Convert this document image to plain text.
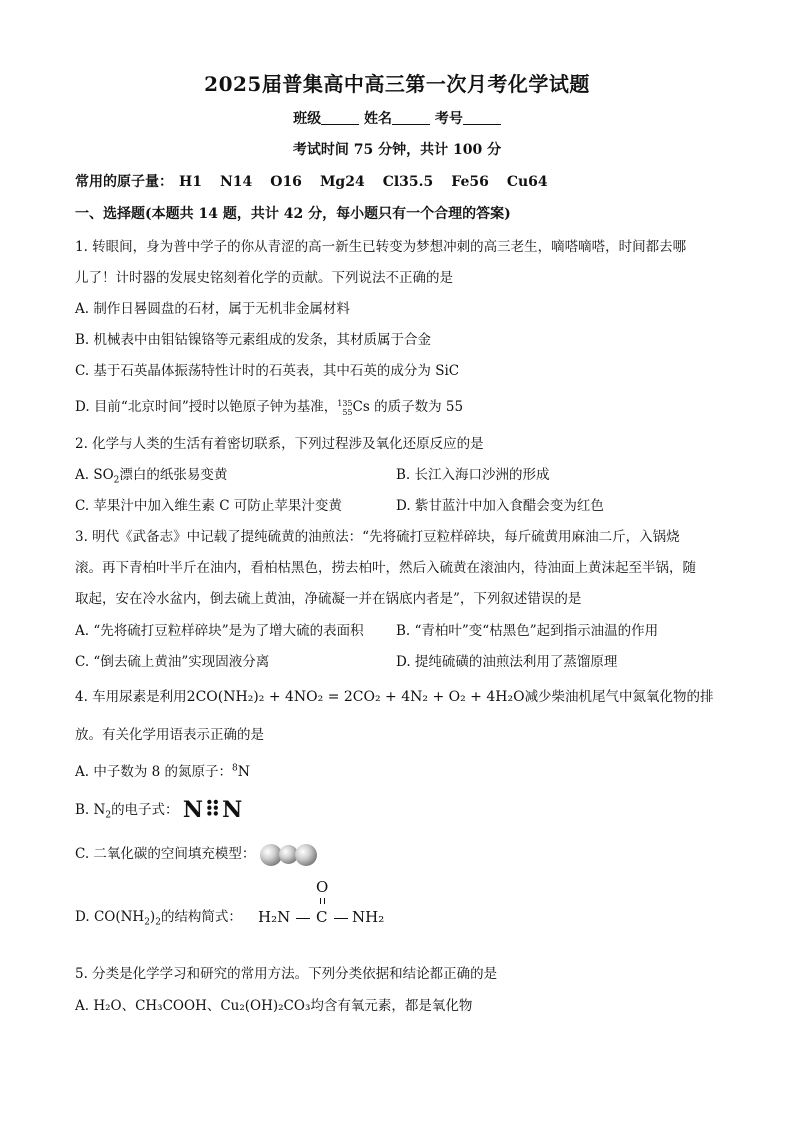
2025届普集高中高三第一次月考化学试题
班级	姓名	考号
考试时间 75 分钟，共计 100 分
常用的原子量： H1 N14 O16 Mg24 Cl35.5 Fe56 Cu64
一、选择题(本题共 14 题，共计 42 分，每小题只有一个合理的答案)
1. 转眼间，身为普中学子的你从青涩的高一新生已转变为梦想冲刺的高三老生，嘀嗒嘀嗒，时间都去哪
儿了！计时器的发展史铭刻着化学的贡献。下列说法不正确的是
A. 制作日晷圆盘的石材，属于无机非金属材料
B. 机械表中由钼钴镍铬等元素组成的发条，其材质属于合金
C. 基于石英晶体振荡特性计时的石英表，其中石英的成分为 SiC
D. 目前“北京时间”授时以铯原子钟为基准，135
55Cs 的质子数为 55
2. 化学与人类的生活有着密切联系，下列过程涉及氧化还原反应的是
A. $SO_2$漂白的纸张易变黄	B. 长江入海口沙洲的形成
C. 苹果汁中加入维生素 C 可防止苹果汁变黄	D. 紫甘蓝汁中加入食醋会变为红色
3. 明代《武备志》中记载了提纯硫黄的油煎法：“先将硫打豆粒样碎块，每斤硫黄用麻油二斤，入锅烧
滚。再下青柏叶半斤在油内，看柏枯黑色，捞去柏叶，然后入硫黄在滚油内，待油面上黄沫起至半锅，随
取起，安在冷水盆内，倒去硫上黄油，净硫凝一并在锅底内者是”，下列叙述错误的是
A. “先将硫打豆粒样碎块”是为了增大硫的表面积 B. “青柏叶”变“枯黑色”起到指示油温的作用
C. “倒去硫上黄油”实现固液分离	D. 提纯硫磺的油煎法利用了蒸馏原理
4. 车用尿素是利用2CO(NH₂)₂ + 4NO₂ = 2CO₂ + 4N₂ + O₂ + 4H₂O减少柴油机尾气中氮氧化物的排
放。有关化学用语表示正确的是
A. 中子数为 8 的氮原子：$^8$N
B. $N_2$的电子式： N⠿N
C. 二氧化碳的空间填充模型：
D. $CO(NH_2)_2$的结构简式：
O
H₂N C NH₂
5. 分类是化学学习和研究的常用方法。下列分类依据和结论都正确的是
A. H₂O、CH₃COOH、Cu₂(OH)₂CO₃均含有氧元素，都是氧化物
